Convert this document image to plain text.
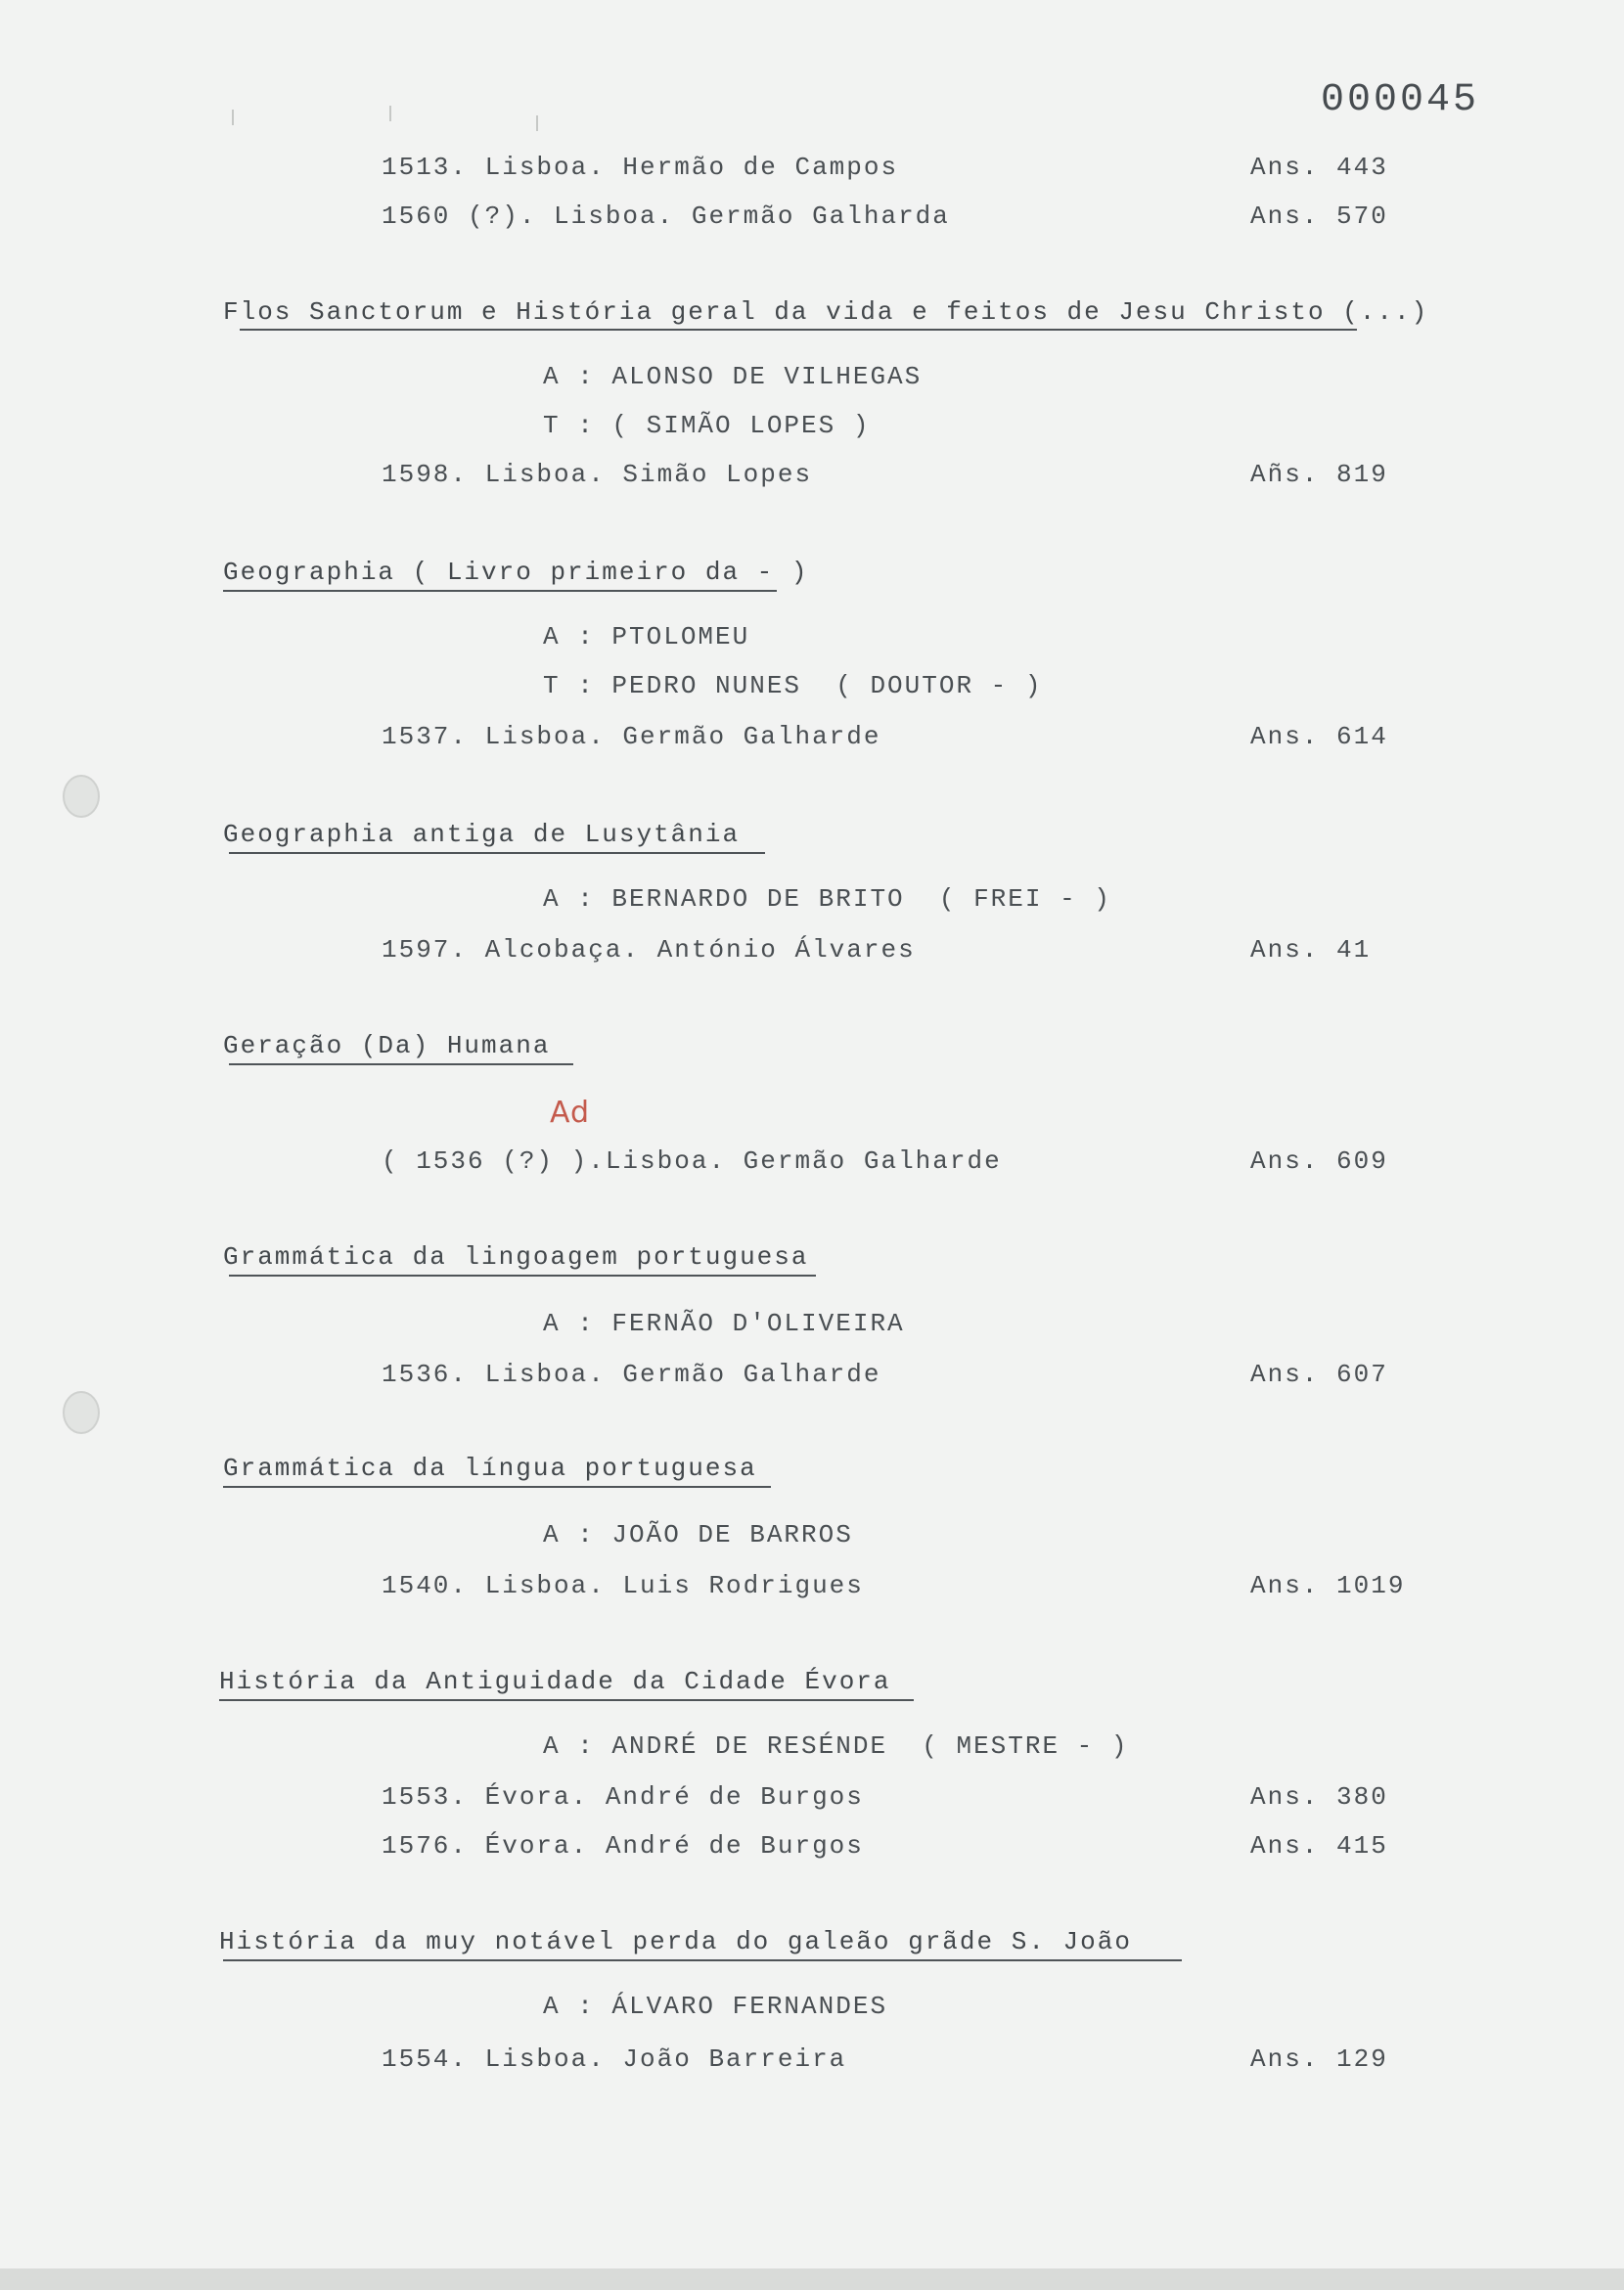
000045
1513. Lisboa. Hermão de Campos	Ans. 443
1560 (?). Lisboa. Germão Galharda	Ans. 570
Flos Sanctorum e História geral da vida e feitos de Jesu Christo (...)
A : ALONSO DE VILHEGAS
T : ( SIMÃO LOPES )
1598. Lisboa. Simão Lopes	Añs. 819
Geographia ( Livro primeiro da - )
A : PTOLOMEU
T : PEDRO NUNES  ( DOUTOR - )
1537. Lisboa. Germão Galharde	Ans. 614
Geographia antiga de Lusytânia
A : BERNARDO DE BRITO  ( FREI - )
1597. Alcobaça. António Álvares	Ans. 41
Geração (Da) Humana
Ad
( 1536 (?) ).Lisboa. Germão Galharde	Ans. 609
Grammática da lingoagem portuguesa
A : FERNÃO D'OLIVEIRA
1536. Lisboa. Germão Galharde	Ans. 607
Grammática da língua portuguesa
A : JOÃO DE BARROS
1540. Lisboa. Luis Rodrigues	Ans. 1019
História da Antiguidade da Cidade Évora
A : ANDRÉ DE RESÉNDE  ( MESTRE - )
1553. Évora. André de Burgos	Ans. 380
1576. Évora. André de Burgos	Ans. 415
História da muy notável perda do galeão grãde S. João
A : ÁLVARO FERNANDES
1554. Lisboa. João Barreira	Ans. 129
